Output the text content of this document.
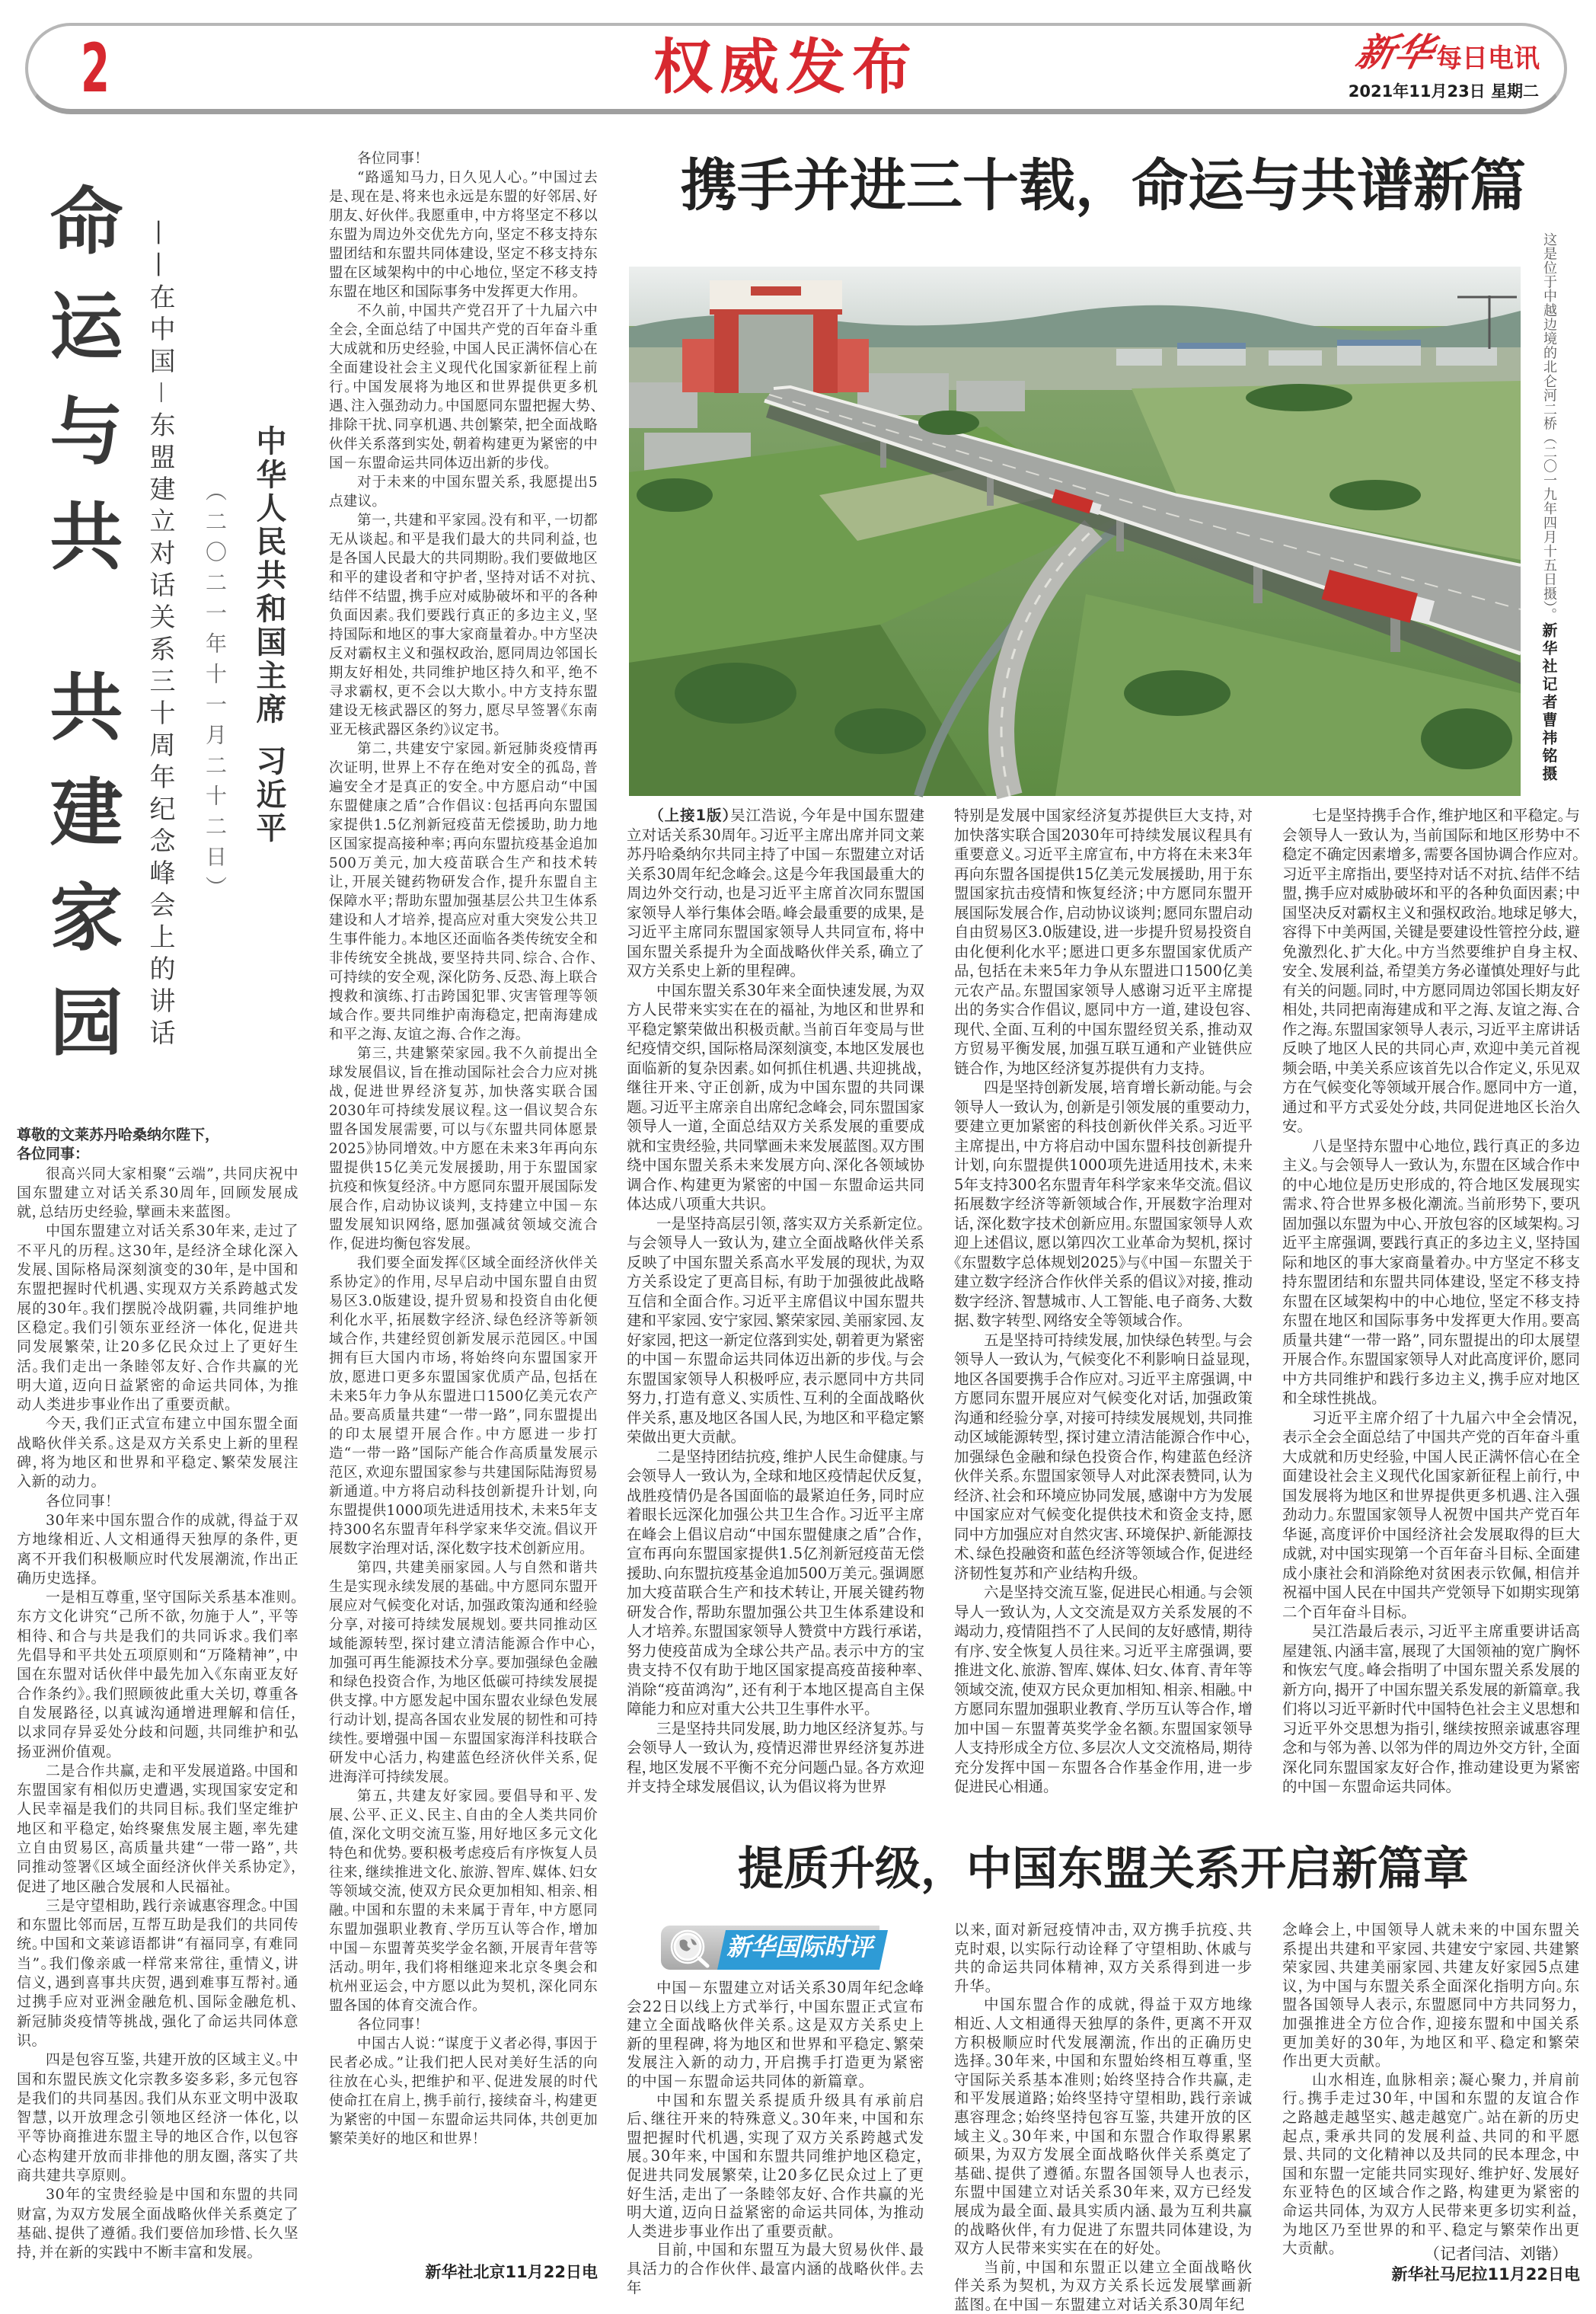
2	权威发布	新华
每日电讯
2021年11月23日 星期二
命运与共
共建家园 ——在中国－东盟建立对话关系三十周年纪念峰会上的讲话 （二〇二一年十一月二十二日） 中华人民共和国主席
习近平

尊敬的文莱苏丹哈桑纳尔陛下，

各位同事：

很高兴同大家相聚“云端”，共同庆祝中国东盟建立对话关系30周年，回顾发展成就，总结历史经验，擘画未来蓝图。

中国东盟建立对话关系30年来，走过了不平凡的历程。这30年，是经济全球化深入发展、国际格局深刻演变的30年，是中国和东盟把握时代机遇、实现双方关系跨越式发展的30年。我们摆脱冷战阴霾，共同维护地区稳定。我们引领东亚经济一体化，促进共同发展繁荣，让20多亿民众过上了更好生活。我们走出一条睦邻友好、合作共赢的光明大道，迈向日益紧密的命运共同体，为推动人类进步事业作出了重要贡献。

今天，我们正式宣布建立中国东盟全面战略伙伴关系。这是双方关系史上新的里程碑，将为地区和世界和平稳定、繁荣发展注入新的动力。

各位同事！

30年来中国东盟合作的成就，得益于双方地缘相近、人文相通得天独厚的条件，更离不开我们积极顺应时代发展潮流，作出正确历史选择。

一是相互尊重，坚守国际关系基本准则。东方文化讲究“己所不欲，勿施于人”，平等相待、和合与共是我们的共同诉求。我们率先倡导和平共处五项原则和“万隆精神”，中国在东盟对话伙伴中最先加入《东南亚友好合作条约》。我们照顾彼此重大关切，尊重各自发展路径，以真诚沟通增进理解和信任，以求同存异妥处分歧和问题，共同维护和弘扬亚洲价值观。

二是合作共赢，走和平发展道路。中国和东盟国家有相似历史遭遇，实现国家安定和人民幸福是我们的共同目标。我们坚定维护地区和平稳定，始终聚焦发展主题，率先建立自由贸易区，高质量共建“一带一路”，共同推动签署《区域全面经济伙伴关系协定》，促进了地区融合发展和人民福祉。

三是守望相助，践行亲诚惠容理念。中国和东盟比邻而居，互帮互助是我们的共同传统。中国和文莱谚语都讲“有福同享，有难同当”。我们像亲戚一样常来常往，重情义，讲信义，遇到喜事共庆贺，遇到难事互帮衬。通过携手应对亚洲金融危机、国际金融危机、新冠肺炎疫情等挑战，强化了命运共同体意识。

四是包容互鉴，共建开放的区域主义。中国和东盟民族文化宗教多姿多彩，多元包容是我们的共同基因。我们从东亚文明中汲取智慧，以开放理念引领地区经济一体化，以平等协商推进东盟主导的地区合作，以包容心态构建开放而非排他的朋友圈，落实了共商共建共享原则。

30年的宝贵经验是中国和东盟的共同财富，为双方发展全面战略伙伴关系奠定了基础、提供了遵循。我们要倍加珍惜、长久坚持，并在新的实践中不断丰富和发展。

各位同事！

“路遥知马力，日久见人心。”中国过去是、现在是、将来也永远是东盟的好邻居、好朋友、好伙伴。我愿重申，中方将坚定不移以东盟为周边外交优先方向，坚定不移支持东盟团结和东盟共同体建设，坚定不移支持东盟在区域架构中的中心地位，坚定不移支持东盟在地区和国际事务中发挥更大作用。

不久前，中国共产党召开了十九届六中全会，全面总结了中国共产党的百年奋斗重大成就和历史经验，中国人民正满怀信心在全面建设社会主义现代化国家新征程上前行。中国发展将为地区和世界提供更多机遇、注入强劲动力。中国愿同东盟把握大势、排除干扰、同享机遇、共创繁荣，把全面战略伙伴关系落到实处，朝着构建更为紧密的中国－东盟命运共同体迈出新的步伐。

对于未来的中国东盟关系，我愿提出5点建议。

第一，共建和平家园。没有和平，一切都无从谈起。和平是我们最大的共同利益，也是各国人民最大的共同期盼。我们要做地区和平的建设者和守护者，坚持对话不对抗、结伴不结盟，携手应对威胁破坏和平的各种负面因素。我们要践行真正的多边主义，坚持国际和地区的事大家商量着办。中方坚决反对霸权主义和强权政治，愿同周边邻国长期友好相处，共同维护地区持久和平，绝不寻求霸权，更不会以大欺小。中方支持东盟建设无核武器区的努力，愿尽早签署《东南亚无核武器区条约》议定书。

第二，共建安宁家园。新冠肺炎疫情再次证明，世界上不存在绝对安全的孤岛，普遍安全才是真正的安全。中方愿启动“中国东盟健康之盾”合作倡议：包括再向东盟国家提供1.5亿剂新冠疫苗无偿援助，助力地区国家提高接种率；再向东盟抗疫基金追加500万美元，加大疫苗联合生产和技术转让，开展关键药物研发合作，提升东盟自主保障水平；帮助东盟加强基层公共卫生体系建设和人才培养，提高应对重大突发公共卫生事件能力。本地区还面临各类传统安全和非传统安全挑战，要坚持共同、综合、合作、可持续的安全观，深化防务、反恐、海上联合搜救和演练、打击跨国犯罪、灾害管理等领域合作。要共同维护南海稳定，把南海建成和平之海、友谊之海、合作之海。

第三，共建繁荣家园。我不久前提出全球发展倡议，旨在推动国际社会合力应对挑战，促进世界经济复苏，加快落实联合国2030年可持续发展议程。这一倡议契合东盟各国发展需要，可以与《东盟共同体愿景2025》协同增效。中方愿在未来3年再向东盟提供15亿美元发展援助，用于东盟国家抗疫和恢复经济。中方愿同东盟开展国际发展合作，启动协议谈判，支持建立中国－东盟发展知识网络，愿加强减贫领域交流合作，促进均衡包容发展。

我们要全面发挥《区域全面经济伙伴关系协定》的作用，尽早启动中国东盟自由贸易区3.0版建设，提升贸易和投资自由化便利化水平，拓展数字经济、绿色经济等新领域合作，共建经贸创新发展示范园区。中国拥有巨大国内市场，将始终向东盟国家开放，愿进口更多东盟国家优质产品，包括在未来5年力争从东盟进口1500亿美元农产品。要高质量共建“一带一路”，同东盟提出的印太展望开展合作。中方愿进一步打造“一带一路”国际产能合作高质量发展示范区，欢迎东盟国家参与共建国际陆海贸易新通道。中方将启动科技创新提升计划，向东盟提供1000项先进适用技术，未来5年支持300名东盟青年科学家来华交流。倡议开展数字治理对话，深化数字技术创新应用。

第四，共建美丽家园。人与自然和谐共生是实现永续发展的基础。中方愿同东盟开展应对气候变化对话，加强政策沟通和经验分享，对接可持续发展规划。要共同推动区域能源转型，探讨建立清洁能源合作中心，加强可再生能源技术分享。要加强绿色金融和绿色投资合作，为地区低碳可持续发展提供支撑。中方愿发起中国东盟农业绿色发展行动计划，提高各国农业发展的韧性和可持续性。要增强中国－东盟国家海洋科技联合研发中心活力，构建蓝色经济伙伴关系，促进海洋可持续发展。

第五，共建友好家园。要倡导和平、发展、公平、正义、民主、自由的全人类共同价值，深化文明交流互鉴，用好地区多元文化特色和优势。要积极考虑疫后有序恢复人员往来，继续推进文化、旅游、智库、媒体、妇女等领域交流，使双方民众更加相知、相亲、相融。中国和东盟的未来属于青年，中方愿同东盟加强职业教育、学历互认等合作，增加中国－东盟菁英奖学金名额，开展青年营等活动。明年，我们将相继迎来北京冬奥会和杭州亚运会，中方愿以此为契机，深化同东盟各国的体育交流合作。

各位同事！

中国古人说：“谋度于义者必得，事因于民者必成。”让我们把人民对美好生活的向往放在心头，把维护和平、促进发展的时代使命扛在肩上，携手前行，接续奋斗，构建更为紧密的中国－东盟命运共同体，共创更加繁荣美好的地区和世界！

新华社北京11月22日电
携手并进三十载，命运与共谱新篇
这是位于中越边境的北仑河二桥（二〇一九年四月十五日摄）。新华社记者曹祎铭摄

（上接1版）吴江浩说，今年是中国东盟建立对话关系30周年。习近平主席出席并同文莱苏丹哈桑纳尔共同主持了中国－东盟建立对话关系30周年纪念峰会。这是今年我国最重大的周边外交行动，也是习近平主席首次同东盟国家领导人举行集体会晤。峰会最重要的成果，是习近平主席同东盟国家领导人共同宣布，将中国东盟关系提升为全面战略伙伴关系，确立了双方关系史上新的里程碑。

中国东盟关系30年来全面快速发展，为双方人民带来实实在在的福祉，为地区和世界和平稳定繁荣做出积极贡献。当前百年变局与世纪疫情交织，国际格局深刻演变，本地区发展也面临新的复杂因素。如何抓住机遇、共迎挑战，继往开来、守正创新，成为中国东盟的共同课题。习近平主席亲自出席纪念峰会，同东盟国家领导人一道，全面总结双方关系发展的重要成就和宝贵经验，共同擘画未来发展蓝图。双方围绕中国东盟关系未来发展方向、深化各领域协调合作、构建更为紧密的中国－东盟命运共同体达成八项重大共识。

一是坚持高层引领，落实双方关系新定位。与会领导人一致认为，建立全面战略伙伴关系反映了中国东盟关系高水平发展的现状，为双方关系设定了更高目标，有助于加强彼此战略互信和全面合作。习近平主席倡议中国东盟共建和平家园、安宁家园、繁荣家园、美丽家园、友好家园，把这一新定位落到实处，朝着更为紧密的中国－东盟命运共同体迈出新的步伐。与会东盟国家领导人积极呼应，表示愿同中方共同努力，打造有意义、实质性、互利的全面战略伙伴关系，惠及地区各国人民，为地区和平稳定繁荣做出更大贡献。

二是坚持团结抗疫，维护人民生命健康。与会领导人一致认为，全球和地区疫情起伏反复，战胜疫情仍是各国面临的最紧迫任务，同时应着眼长远深化加强公共卫生合作。习近平主席在峰会上倡议启动“中国东盟健康之盾”合作，宣布再向东盟国家提供1.5亿剂新冠疫苗无偿援助、向东盟抗疫基金追加500万美元。强调愿加大疫苗联合生产和技术转让，开展关键药物研发合作，帮助东盟加强公共卫生体系建设和人才培养。东盟国家领导人赞赏中方践行承诺，努力使疫苗成为全球公共产品。表示中方的宝贵支持不仅有助于地区国家提高疫苗接种率、消除“疫苗鸿沟”，还有利于本地区提高自主保障能力和应对重大公共卫生事件水平。

三是坚持共同发展，助力地区经济复苏。与会领导人一致认为，疫情迟滞世界经济复苏进程，地区发展不平衡不充分问题凸显。各方欢迎并支持全球发展倡议，认为倡议将为世界

特别是发展中国家经济复苏提供巨大支持，对加快落实联合国2030年可持续发展议程具有重要意义。习近平主席宣布，中方将在未来3年再向东盟各国提供15亿美元发展援助，用于东盟国家抗击疫情和恢复经济；中方愿同东盟开展国际发展合作，启动协议谈判；愿同东盟启动自由贸易区3.0版建设，进一步提升贸易投资自由化便利化水平；愿进口更多东盟国家优质产品，包括在未来5年力争从东盟进口1500亿美元农产品。东盟国家领导人感谢习近平主席提出的务实合作倡议，愿同中方一道，建设包容、现代、全面、互利的中国东盟经贸关系，推动双方贸易平衡发展，加强互联互通和产业链供应链合作，为地区经济复苏提供有力支持。

四是坚持创新发展，培育增长新动能。与会领导人一致认为，创新是引领发展的重要动力，要建立更加紧密的科技创新伙伴关系。习近平主席提出，中方将启动中国东盟科技创新提升计划，向东盟提供1000项先进适用技术，未来5年支持300名东盟青年科学家来华交流。倡议拓展数字经济等新领域合作，开展数字治理对话，深化数字技术创新应用。东盟国家领导人欢迎上述倡议，愿以第四次工业革命为契机，探讨《东盟数字总体规划2025》与《中国－东盟关于建立数字经济合作伙伴关系的倡议》对接，推动数字经济、智慧城市、人工智能、电子商务、大数据、数字转型、网络安全等领域合作。

五是坚持可持续发展，加快绿色转型。与会领导人一致认为，气候变化不利影响日益显现，地区各国要携手合作应对。习近平主席强调，中方愿同东盟开展应对气候变化对话，加强政策沟通和经验分享，对接可持续发展规划，共同推动区域能源转型，探讨建立清洁能源合作中心，加强绿色金融和绿色投资合作，构建蓝色经济伙伴关系。东盟国家领导人对此深表赞同，认为经济、社会和环境应协同发展，感谢中方为发展中国家应对气候变化提供技术和资金支持，愿同中方加强应对自然灾害、环境保护、新能源技术、绿色投融资和蓝色经济等领域合作，促进经济韧性复苏和产业结构升级。

六是坚持交流互鉴，促进民心相通。与会领导人一致认为，人文交流是双方关系发展的不竭动力，疫情阻挡不了人民间的友好感情，期待有序、安全恢复人员往来。习近平主席强调，要推进文化、旅游、智库、媒体、妇女、体育、青年等领域交流，使双方民众更加相知、相亲、相融。中方愿同东盟加强职业教育、学历互认等合作，增加中国－东盟菁英奖学金名额。东盟国家领导人支持形成全方位、多层次人文交流格局，期待充分发挥中国－东盟各合作基金作用，进一步促进民心相通。

七是坚持携手合作，维护地区和平稳定。与会领导人一致认为，当前国际和地区形势中不稳定不确定因素增多，需要各国协调合作应对。习近平主席指出，要坚持对话不对抗、结伴不结盟，携手应对威胁破坏和平的各种负面因素；中国坚决反对霸权主义和强权政治。地球足够大，容得下中美两国，关键是要建设性管控分歧，避免激烈化、扩大化。中方当然要维护自身主权、安全、发展利益，希望美方务必谨慎处理好与此有关的问题。同时，中方愿同周边邻国长期友好相处，共同把南海建成和平之海、友谊之海、合作之海。东盟国家领导人表示，习近平主席讲话反映了地区人民的共同心声，欢迎中美元首视频会晤，中美关系应该首先以合作定义，乐见双方在气候变化等领域开展合作。愿同中方一道，通过和平方式妥处分歧，共同促进地区长治久安。

八是坚持东盟中心地位，践行真正的多边主义。与会领导人一致认为，东盟在区域合作中的中心地位是历史形成的，符合地区发展现实需求、符合世界多极化潮流。当前形势下，要巩固加强以东盟为中心、开放包容的区域架构。习近平主席强调，要践行真正的多边主义，坚持国际和地区的事大家商量着办。中方坚定不移支持东盟团结和东盟共同体建设，坚定不移支持东盟在区域架构中的中心地位，坚定不移支持东盟在地区和国际事务中发挥更大作用。要高质量共建“一带一路”，同东盟提出的印太展望开展合作。东盟国家领导人对此高度评价，愿同中方共同维护和践行多边主义，携手应对地区和全球性挑战。

习近平主席介绍了十九届六中全会情况，表示全会全面总结了中国共产党的百年奋斗重大成就和历史经验，中国人民正满怀信心在全面建设社会主义现代化国家新征程上前行，中国发展将为地区和世界提供更多机遇、注入强劲动力。东盟国家领导人祝贺中国共产党百年华诞，高度评价中国经济社会发展取得的巨大成就，对中国实现第一个百年奋斗目标、全面建成小康社会和消除绝对贫困表示钦佩，相信并祝福中国人民在中国共产党领导下如期实现第二个百年奋斗目标。

吴江浩最后表示，习近平主席重要讲话高屋建瓴、内涵丰富，展现了大国领袖的宽广胸怀和恢宏气度。峰会指明了中国东盟关系发展的新方向，揭开了中国东盟关系发展的新篇章。我们将以习近平新时代中国特色社会主义思想和习近平外交思想为指引，继续按照亲诚惠容理念和与邻为善、以邻为伴的周边外交方针，全面深化同东盟国家友好合作，推动建设更为紧密的中国－东盟命运共同体。

提质升级，中国东盟关系开启新篇章
新华国际时评

中国－东盟建立对话关系30周年纪念峰会22日以线上方式举行，中国东盟正式宣布建立全面战略伙伴关系。这是双方关系史上新的里程碑，将为地区和世界和平稳定、繁荣发展注入新的动力，开启携手打造更为紧密的中国－东盟命运共同体的新篇章。

中国和东盟关系提质升级具有承前启后、继往开来的特殊意义。30年来，中国和东盟把握时代机遇，实现了双方关系跨越式发展。30年来，中国和东盟共同维护地区稳定，促进共同发展繁荣，让20多亿民众过上了更好生活，走出了一条睦邻友好、合作共赢的光明大道，迈向日益紧密的命运共同体，为推动人类进步事业作出了重要贡献。

目前，中国和东盟互为最大贸易伙伴、最具活力的合作伙伴、最富内涵的战略伙伴。去年

以来，面对新冠疫情冲击，双方携手抗疫、共克时艰，以实际行动诠释了守望相助、休戚与共的命运共同体精神，双方关系得到进一步升华。

中国东盟合作的成就，得益于双方地缘相近、人文相通得天独厚的条件，更离不开双方积极顺应时代发展潮流，作出的正确历史选择。30年来，中国和东盟始终相互尊重，坚守国际关系基本准则；始终坚持合作共赢，走和平发展道路；始终坚持守望相助，践行亲诚惠容理念；始终坚持包容互鉴，共建开放的区域主义。30年来，中国和东盟合作取得累累硕果，为双方发展全面战略伙伴关系奠定了基础、提供了遵循。东盟各国领导人也表示，东盟中国建立对话关系30年来，双方已经发展成为最全面、最具实质内涵、最为互利共赢的战略伙伴，有力促进了东盟共同体建设，为双方人民带来实实在在的好处。

当前，中国和东盟正以建立全面战略伙伴关系为契机，为双方关系长远发展擘画新蓝图。在中国－东盟建立对话关系30周年纪

念峰会上，中国领导人就未来的中国东盟关系提出共建和平家园、共建安宁家园、共建繁荣家园、共建美丽家园、共建友好家园5点建议，为中国与东盟关系全面深化指明方向。东盟各国领导人表示，东盟愿同中方共同努力，加强推进全方位合作，迎接东盟和中国关系更加美好的30年，为地区和平、稳定和繁荣作出更大贡献。

山水相连，血脉相亲；凝心聚力，并肩前行。携手走过30年，中国和东盟的友谊合作之路越走越坚实、越走越宽广。站在新的历史起点，秉承共同的发展利益、共同的和平愿景、共同的文化精神以及共同的民本理念，中国和东盟一定能共同实现好、维护好、发展好东亚特色的区域合作之路，构建更为紧密的命运共同体，为双方人民带来更多切实利益，为地区乃至世界的和平、稳定与繁荣作出更大贡献。	（记者闫洁、刘锴）
新华社马尼拉11月22日电
